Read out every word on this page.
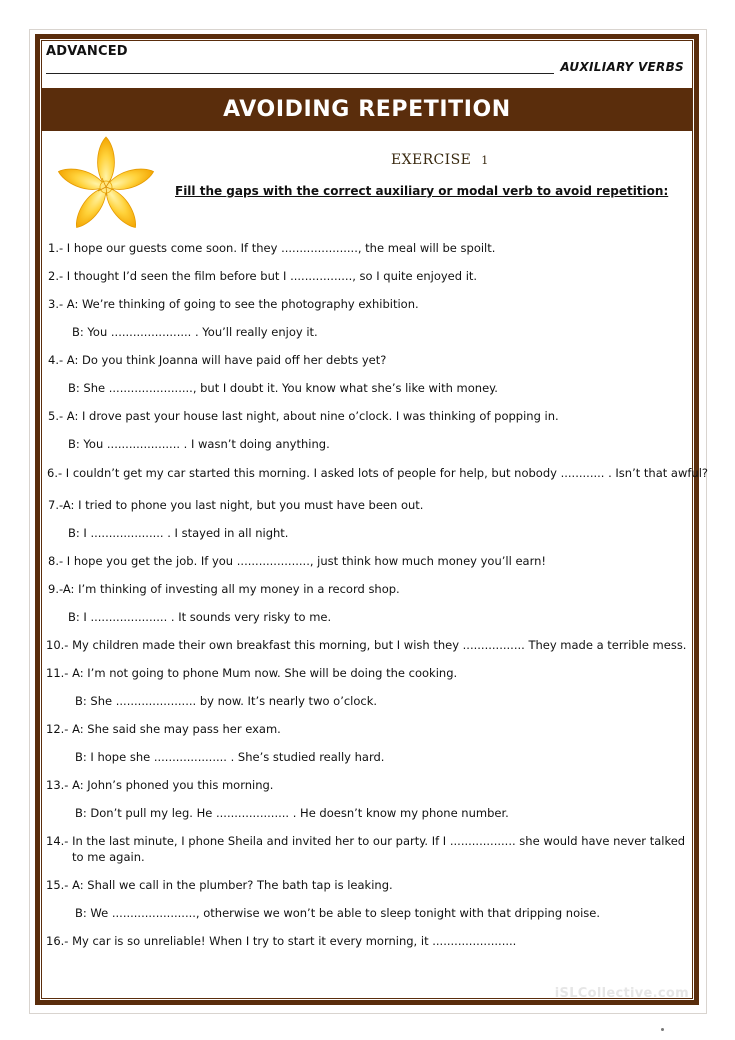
ADVANCED
AUXILIARY VERBS
AVOIDING REPETITION
EXERCISE 1
Fill the gaps with the correct auxiliary or modal verb to avoid repetition:
1.- I hope our guests come soon. If they ....................., the meal will be spoilt.
2.- I thought I’d seen the film before but I ................., so I quite enjoyed it.
3.- A: We’re thinking of going to see the photography exhibition.
B: You ...................... . You’ll really enjoy it.
4.- A: Do you think Joanna will have paid off her debts yet?
B: She ......................., but I doubt it. You know what she’s like with money.
5.- A: I drove past your house last night, about nine o’clock. I was thinking of popping in.
B: You .................... . I wasn’t doing anything.
6.- I couldn’t get my car started this morning. I asked lots of people for help, but nobody ............ . Isn’t that awful?
7.-A: I tried to phone you last night, but you must have been out.
B: I .................... . I stayed in all night.
8.- I hope you get the job. If you ...................., just think how much money you’ll earn!
9.-A: I’m thinking of investing all my money in a record shop.
B: I ..................... . It sounds very risky to me.
10.- My children made their own breakfast this morning, but I wish they ................. They made a terrible mess.
11.- A: I’m not going to phone Mum now. She will be doing the cooking.
B: She ...................... by now. It’s nearly two o’clock.
12.- A: She said she may pass her exam.
B: I hope she .................... . She’s studied really hard.
13.- A: John’s phoned you this morning.
B: Don’t pull my leg. He .................... . He doesn’t know my phone number.
14.- In the last minute, I phone Sheila and invited her to our party. If I .................. she would have never talked
to me again.
15.- A: Shall we call in the plumber? The bath tap is leaking.
B: We ......................., otherwise we won’t be able to sleep tonight with that dripping noise.
16.- My car is so unreliable! When I try to start it every morning, it .......................
iSLCollective.com
